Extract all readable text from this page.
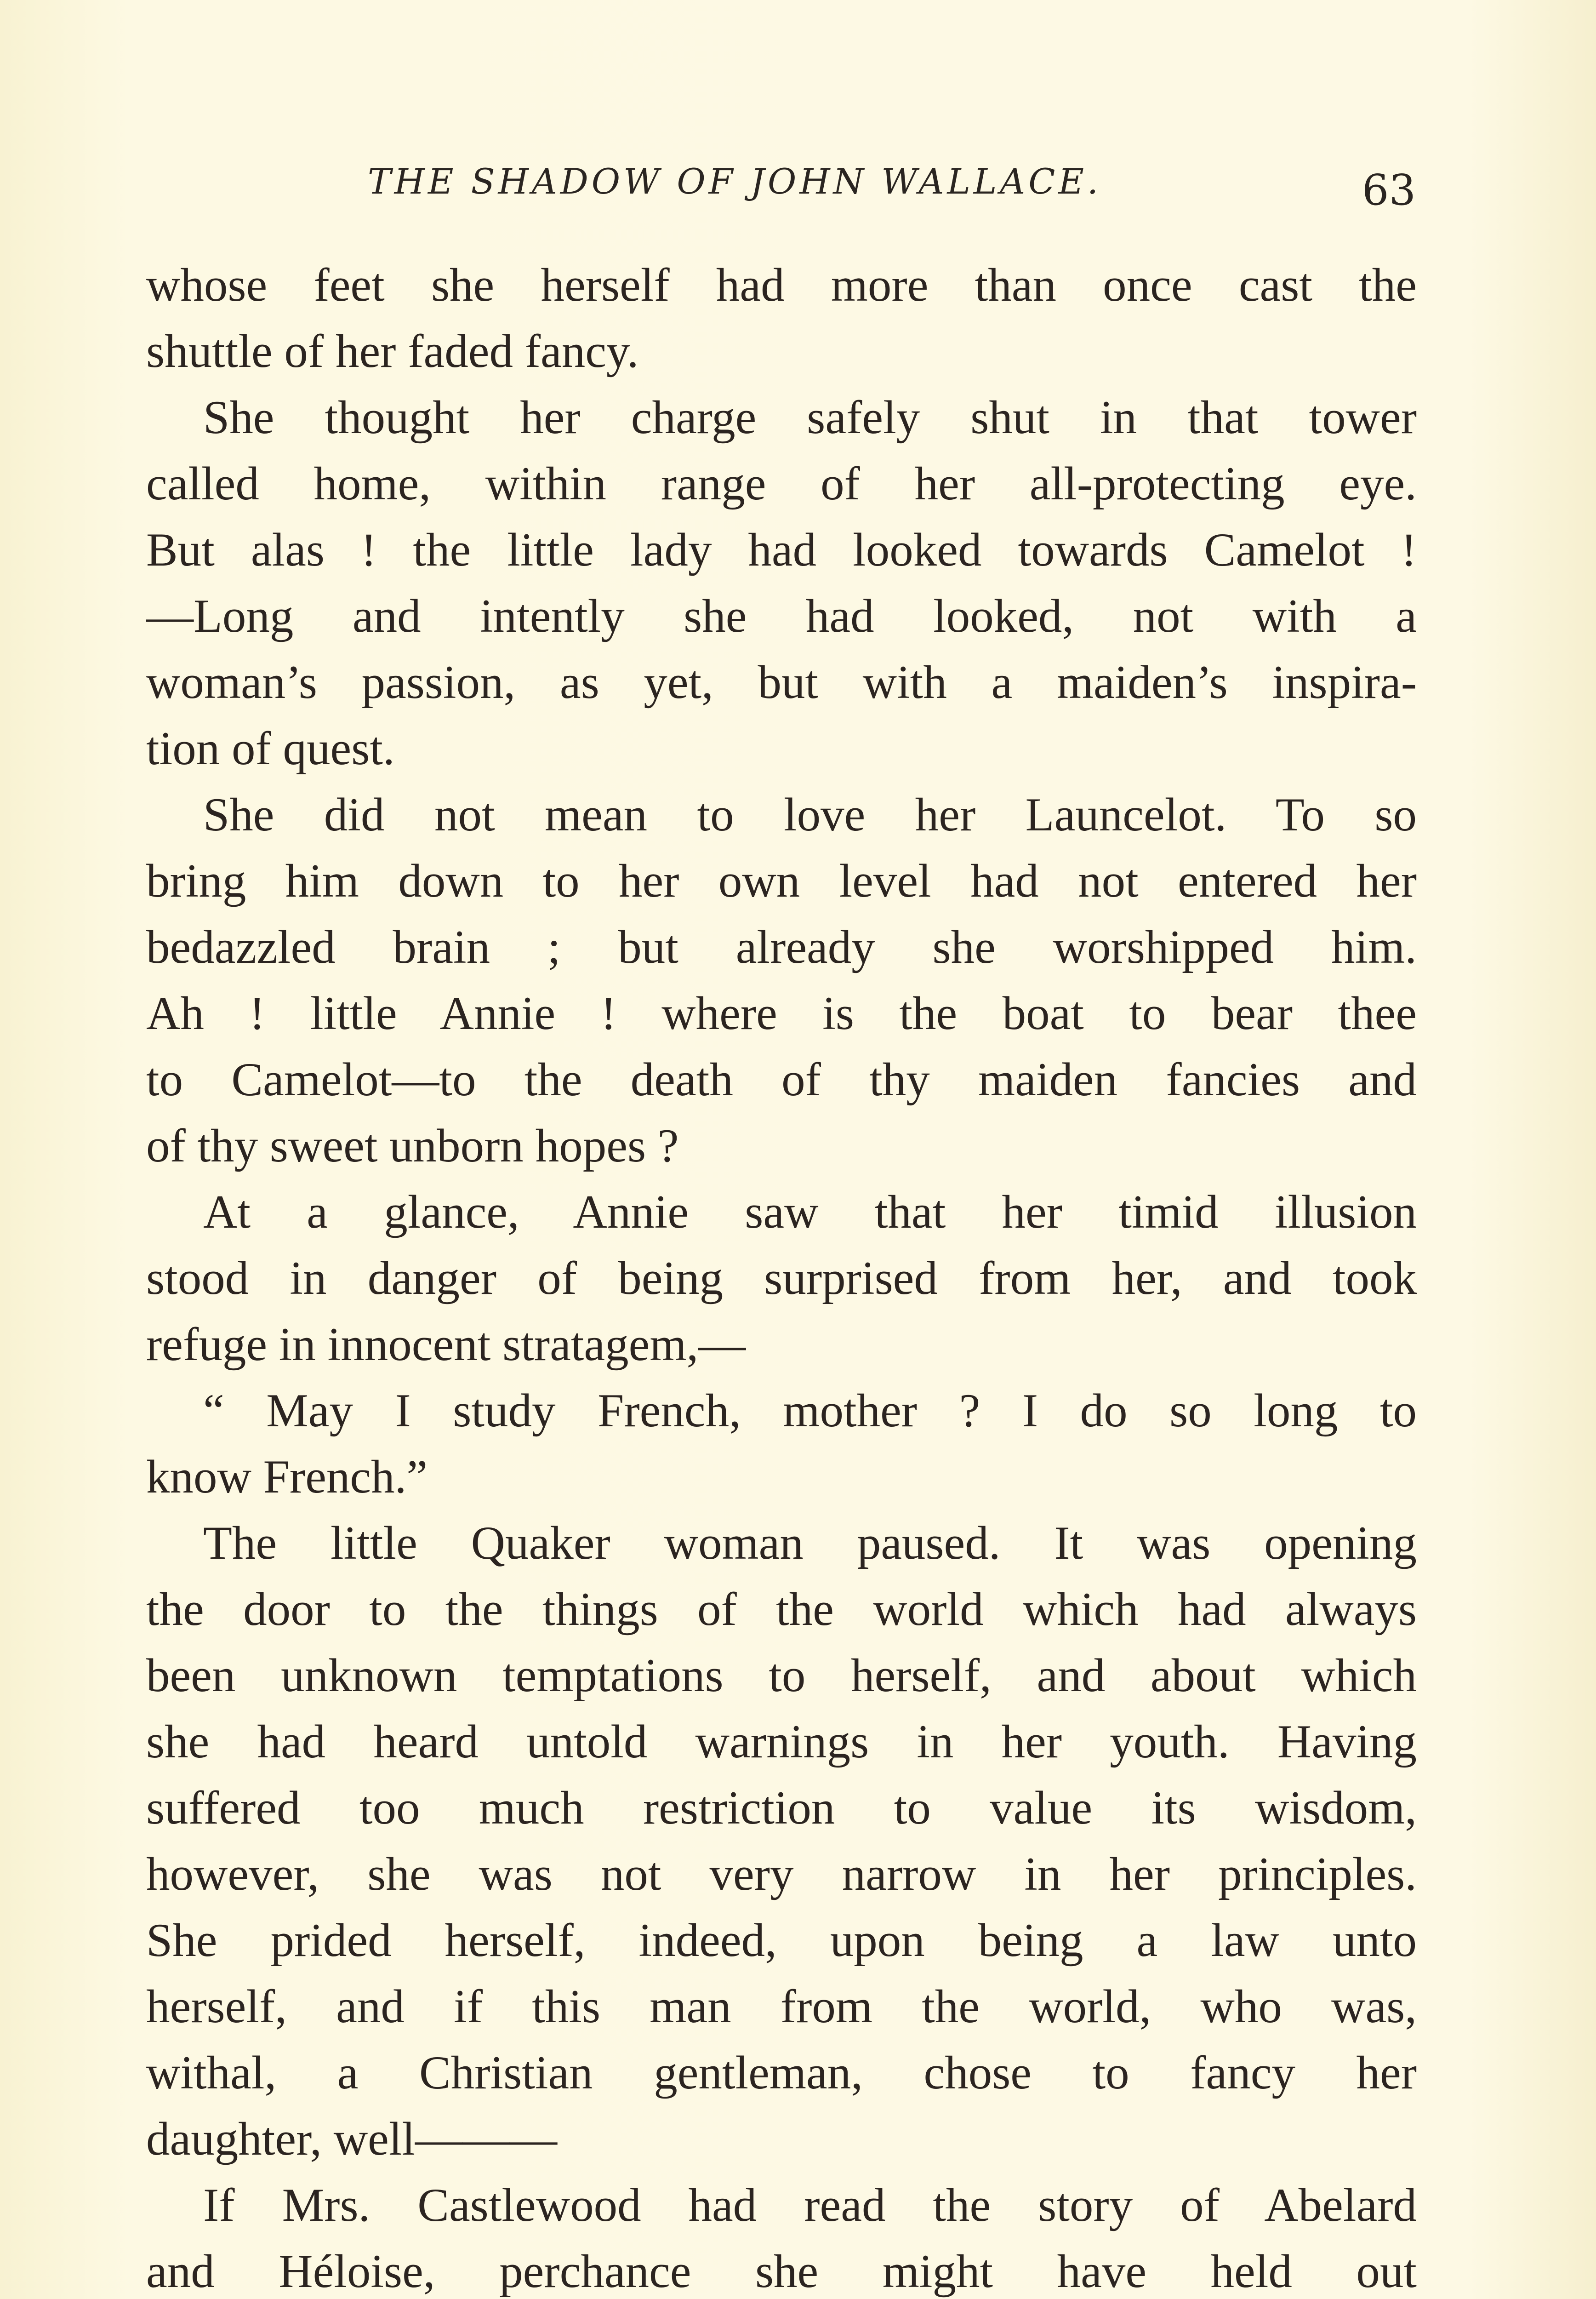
THE SHADOW OF JOHN WALLACE.	63
whose feet she herself had more than once cast the
shuttle of her faded fancy.
She thought her charge safely shut in that tower
called home, within range of her all-protecting eye.
But alas ! the little lady had looked towards Camelot !
—Long and intently she had looked, not with a
woman’s passion, as yet, but with a maiden’s inspira-
tion of quest.
She did not mean to love her Launcelot. To so
bring him down to her own level had not entered her
bedazzled brain ; but already she worshipped him.
Ah ! little Annie ! where is the boat to bear thee
to Camelot—to the death of thy maiden fancies and
of thy sweet unborn hopes ?
At a glance, Annie saw that her timid illusion
stood in danger of being surprised from her, and took
refuge in innocent stratagem,—
“ May I study French, mother ? I do so long to
know French.”
The little Quaker woman paused. It was opening
the door to the things of the world which had always
been unknown temptations to herself, and about which
she had heard untold warnings in her youth. Having
suffered too much restriction to value its wisdom,
however, she was not very narrow in her principles.
She prided herself, indeed, upon being a law unto
herself, and if this man from the world, who was,
withal, a Christian gentleman, chose to fancy her
daughter, well———
If Mrs. Castlewood had read the story of Abelard
and Héloise, perchance she might have held out
